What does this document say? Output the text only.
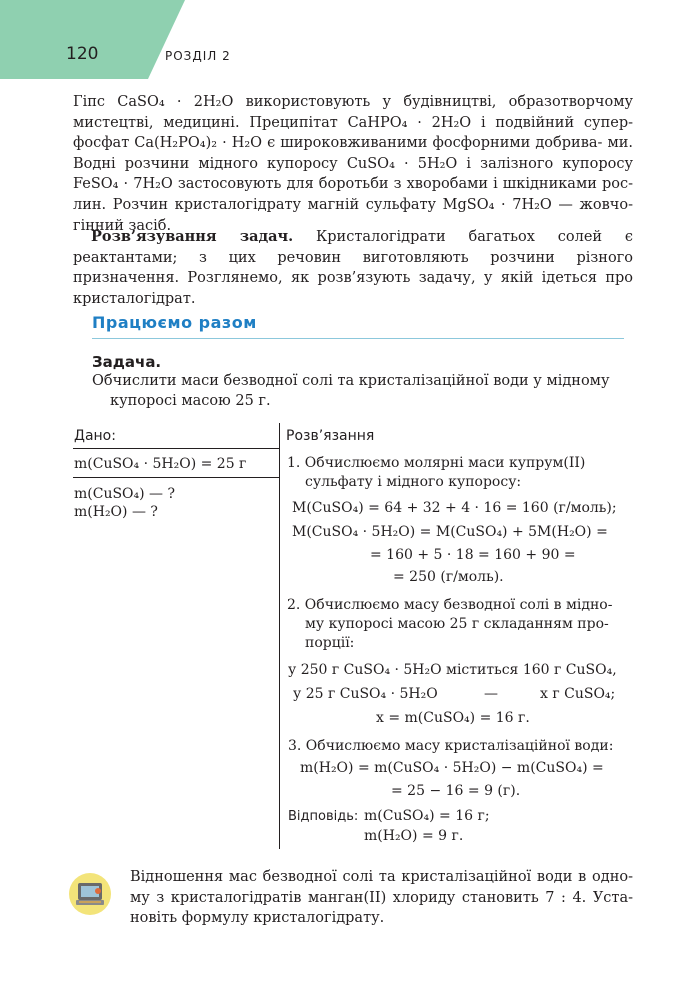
120	РОЗДІЛ 2

Гіпс CaSO₄ · 2H₂O використовують у будівництві, образотворчому мистецтві, медицині. Преципітат CaHPO₄ · 2H₂O і подвійний супер- фосфат Ca(H₂PO₄)₂ · H₂O є широковживаними фосфорними добрива- ми. Водні розчини мідного купоросу CuSO₄ · 5H₂O і залізного купоросу FeSO₄ · 7H₂O застосовують для боротьби з хворобами і шкідниками рос- лин. Розчин кристалогідрату магній сульфату MgSO₄ · 7H₂O — жовчо- гінний засіб.

Розв’язування задач. Кристалогідрати багатьох солей є реактантами; з цих речовин виготовляють розчини різного призначення. Розглянемо, як розв’язують задачу, у якій ідеться про кристалогідрат.

Працюємо разом
Задача.

Обчислити маси безводної солі та кристалізаційної води у мідному
купоросі масою 25 г.

Дано:
m(CuSO₄ · 5H₂O) = 25 г
m(CuSO₄) — ?
m(H₂O) — ?
Розв’язання
1. Обчислюємо молярні маси купрум(II)
сульфату і мідного купоросу:
M(CuSO₄) = 64 + 32 + 4 · 16 = 160 (г/моль);
M(CuSO₄ · 5H₂O) = M(CuSO₄) + 5M(H₂O) =
= 160 + 5 · 18 = 160 + 90 =
= 250 (г/моль).
2. Обчислюємо масу безводної солі в мідно-
му купоросі масою 25 г складанням про-
порції:
у 250 г CuSO₄ · 5H₂O міститься 160 г CuSO₄,
у 25 г CuSO₄ · 5H₂O	—	x г CuSO₄;
x = m(CuSO₄) = 16 г.
3. Обчислюємо масу кристалізаційної води:
m(H₂O) = m(CuSO₄ · 5H₂O) − m(CuSO₄) =
= 25 − 16 = 9 (г).
Відповідь: m(CuSO₄) = 16 г;
m(H₂O) = 9 г.

Відношення мас безводної солі та кристалізаційної води в одно- му з кристалогідратів манган(II) хлориду становить 7 : 4. Уста- новіть формулу кристалогідрату.
